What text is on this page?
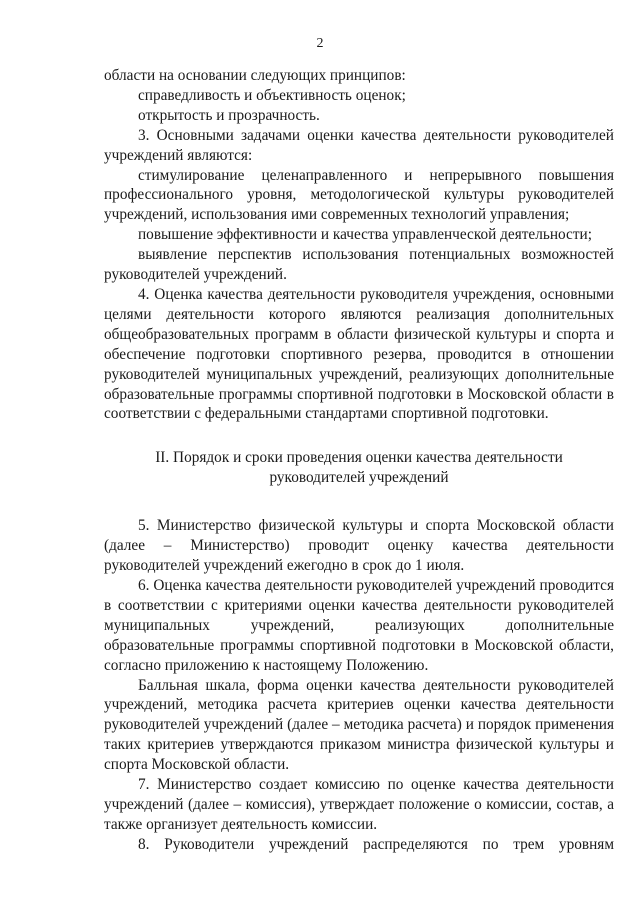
2

области на основании следующих принципов:

справедливость и объективность оценок;

открытость и прозрачность.

3. Основными задачами оценки качества деятельности руководителей учреждений являются:

стимулирование целенаправленного и непрерывного повышения профессионального уровня, методологической культуры руководителей учреждений, использования ими современных технологий управления;

повышение эффективности и качества управленческой деятельности;

выявление перспектив использования потенциальных возможностей руководителей учреждений.

4. Оценка качества деятельности руководителя учреждения, основными целями деятельности которого являются реализация дополнительных общеобразовательных программ в области физической культуры и спорта и обеспечение подготовки спортивного резерва, проводится в отношении руководителей муниципальных учреждений, реализующих дополнительные образовательные программы спортивной подготовки в Московской области в соответствии с федеральными стандартами спортивной подготовки.

II. Порядок и сроки проведения оценки качества деятельности
руководителей учреждений

5. Министерство физической культуры и спорта Московской области (далее – Министерство) проводит оценку качества деятельности руководителей учреждений ежегодно в срок до 1 июля.

6. Оценка качества деятельности руководителей учреждений проводится в соответствии с критериями оценки качества деятельности руководителей муниципальных учреждений, реализующих дополнительные образовательные программы спортивной подготовки в Московской области, согласно приложению к настоящему Положению.

Балльная шкала, форма оценки качества деятельности руководителей учреждений, методика расчета критериев оценки качества деятельности руководителей учреждений (далее – методика расчета) и порядок применения таких критериев утверждаются приказом министра физической культуры и спорта Московской области.

7. Министерство создает комиссию по оценке качества деятельности учреждений (далее – комиссия), утверждает положение о комиссии, состав, а также организует деятельность комиссии.

8. Руководители учреждений распределяются по трем уровням
